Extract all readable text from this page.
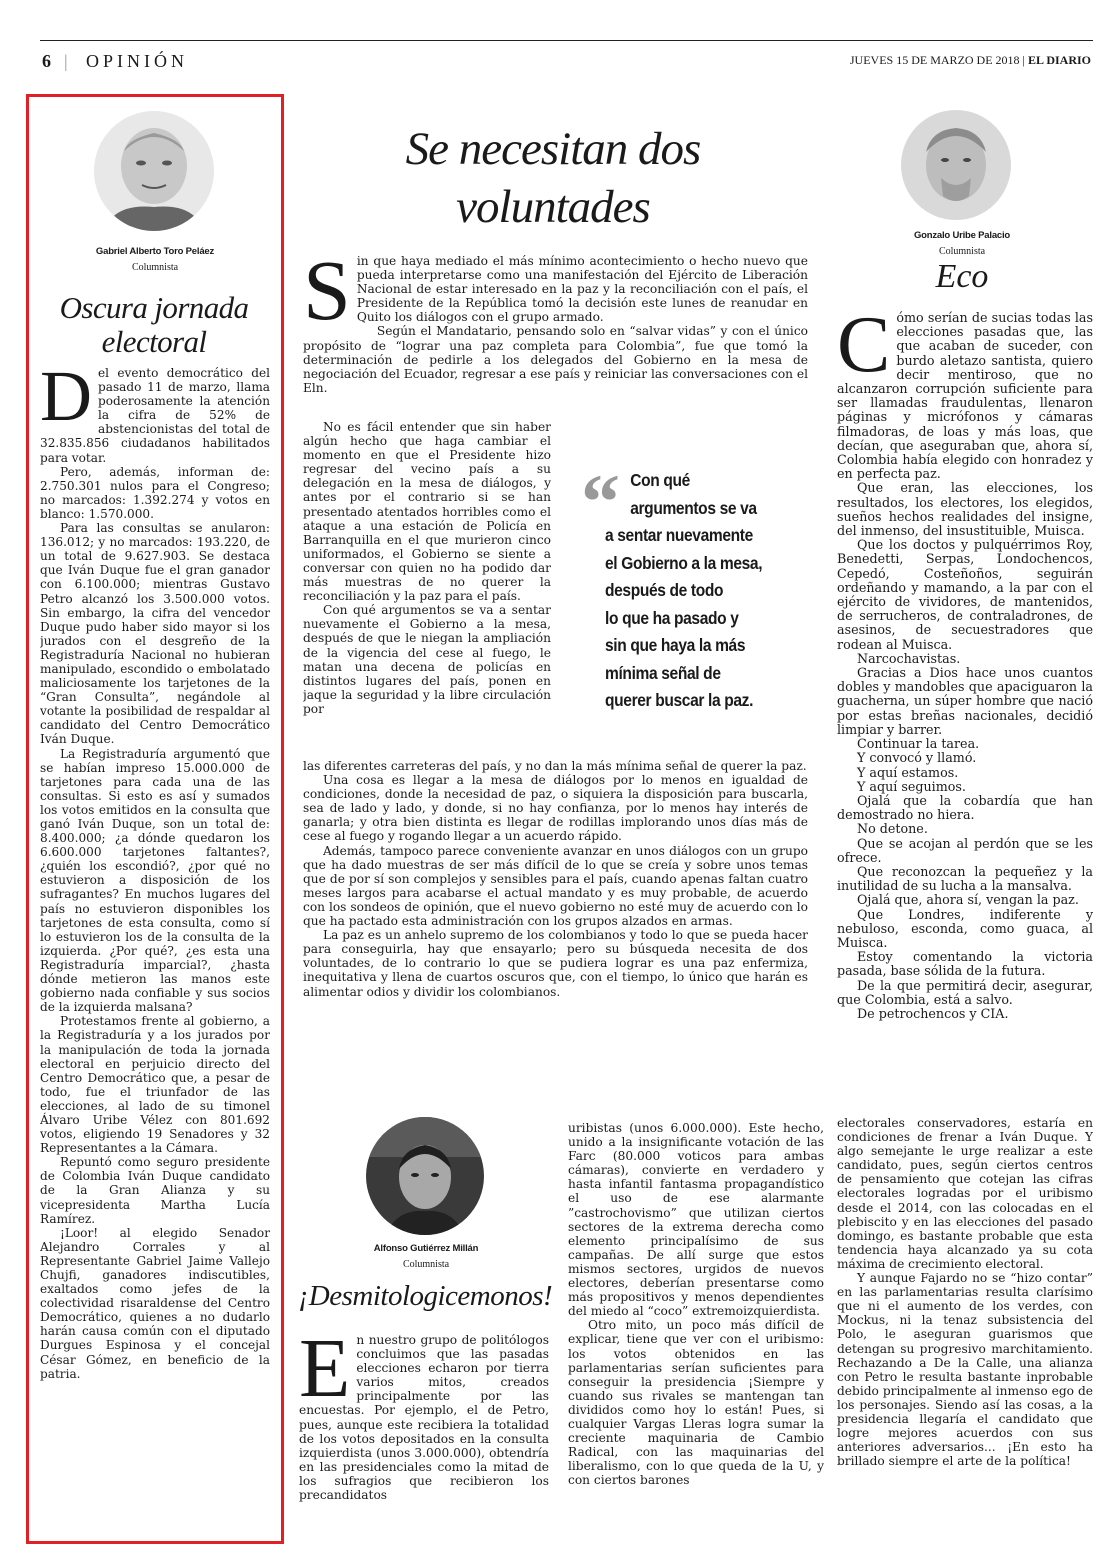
6 | OPINIÓN	JUEVES 15 DE MARZO DE 2018 | EL DIARIO
Gabriel Alberto Toro Peláez
Columnista
Oscura jornada electoral

Del evento democrático del pasado 11 de marzo, llama poderosamente la atención la cifra de 52% de abstencionistas del total de 32.835.856 ciudadanos habilitados para votar.

Pero, además, informan de: 2.750.301 nulos para el Congreso; no marcados: 1.392.274 y votos en blanco: 1.570.000.

Para las consultas se anularon: 136.012; y no marcados: 193.220, de un total de 9.627.903. Se destaca que Iván Duque fue el gran ganador con 6.100.000; mientras Gustavo Petro alcanzó los 3.500.000 votos. Sin embargo, la cifra del vencedor Duque pudo haber sido mayor si los jurados con el desgreño de la Registraduría Nacional no hubieran manipulado, escondido o embolatado maliciosamente los tarjetones de la “Gran Consulta”, negándole al votante la posibilidad de respaldar al candidato del Centro Democrático Iván Duque.

La Registraduría argumentó que se habían impreso 15.000.000 de tarjetones para cada una de las consultas. Si esto es así y sumados los votos emitidos en la consulta que ganó Iván Duque, son un total de: 8.400.000; ¿a dónde quedaron los 6.600.000 tarjetones faltantes?, ¿quién los escondió?, ¿por qué no estuvieron a disposición de los sufragantes? En muchos lugares del país no estuvieron disponibles los tarjetones de esta consulta, como sí lo estuvieron los de la consulta de la izquierda. ¿Por qué?, ¿es esta una Registraduría imparcial?, ¿hasta dónde metieron las manos este gobierno nada confiable y sus socios de la izquierda malsana?

Protestamos frente al gobierno, a la Registraduría y a los jurados por la manipulación de toda la jornada electoral en perjuicio directo del Centro Democrático que, a pesar de todo, fue el triunfador de las elecciones, al lado de su timonel Álvaro Uribe Vélez con 801.692 votos, eligiendo 19 Senadores y 32 Representantes a la Cámara.

Repuntó como seguro presidente de Colombia Iván Duque candidato de la Gran Alianza y su vicepresidenta Martha Lucía Ramírez.

¡Loor! al elegido Senador Alejandro Corrales y al Representante Gabriel Jaime Vallejo Chujfi, ganadores indiscutibles, exaltados como jefes de la colectividad risaraldense del Centro Democrático, quienes a no dudarlo harán causa común con el diputado Durgues Espinosa y el concejal César Gómez, en beneficio de la patria.

Se necesitan dos voluntades

Sin que haya mediado el más mínimo acontecimiento o hecho nuevo que pueda interpretarse como una manifestación del Ejército de Liberación Nacional de estar interesado en la paz y la reconciliación con el país, el Presidente de la República tomó la decisión este lunes de reanudar en Quito los diálogos con el grupo armado.

Según el Mandatario, pensando solo en “salvar vidas” y con el único propósito de “lograr una paz completa para Colombia”, fue que tomó la determinación de pedirle a los delegados del Gobierno en la mesa de negociación del Ecuador, regresar a ese país y reiniciar las conversaciones con el Eln.

No es fácil entender que sin haber algún hecho que haga cambiar el momento en que el Presidente hizo regresar del vecino país a su delegación en la mesa de diálogos, y antes por el contrario si se han presentado atentados horribles como el ataque a una estación de Policía en Barranquilla en el que murieron cinco uniformados, el Gobierno se siente a conversar con quien no ha podido dar más muestras de no querer la reconciliación y la paz para el país.

Con qué argumentos se va a sentar nuevamente el Gobierno a la mesa, después de que le niegan la ampliación de la vigencia del cese al fuego, le matan una decena de policías en distintos lugares del país, ponen en jaque la seguridad y la libre circulación por

las diferentes carreteras del país, y no dan la más mínima señal de querer la paz.

Una cosa es llegar a la mesa de diálogos por lo menos en igualdad de condiciones, donde la necesidad de paz, o siquiera la disposición para buscarla, sea de lado y lado, y donde, si no hay confianza, por lo menos hay interés de ganarla; y otra bien distinta es llegar de rodillas implorando unos días más de cese al fuego y rogando llegar a un acuerdo rápido.

Además, tampoco parece conveniente avanzar en unos diálogos con un grupo que ha dado muestras de ser más difícil de lo que se creía y sobre unos temas que de por sí son complejos y sensibles para el país, cuando apenas faltan cuatro meses largos para acabarse el actual mandato y es muy probable, de acuerdo con los sondeos de opinión, que el nuevo gobierno no esté muy de acuerdo con lo que ha pactado esta administración con los grupos alzados en armas.

La paz es un anhelo supremo de los colombianos y todo lo que se pueda hacer para conseguirla, hay que ensayarlo; pero su búsqueda necesita de dos voluntades, de lo contrario lo que se pudiera lograr es una paz enfermiza, inequitativa y llena de cuartos oscuros que, con el tiempo, lo único que harán es alimentar odios y dividir los colombianos.

“ Con qué
argumentos se va
a sentar nuevamente
el Gobierno a la mesa,
después de todo
lo que ha pasado y
sin que haya la más
mínima señal de
querer buscar la paz.
Gonzalo Uribe Palacio
Columnista
Eco

Cómo serían de sucias todas las elecciones pasadas que, las que acaban de suceder, con burdo aletazo santista, quiero decir mentiroso, que no alcanzaron corrupción suficiente para ser llamadas fraudulentas, llenaron páginas y micrófonos y cámaras filmadoras, de loas y más loas, que decían, que aseguraban que, ahora sí, Colombia había elegido con honradez y en perfecta paz.

Que eran, las elecciones, los resultados, los electores, los elegidos, sueños hechos realidades del insigne, del inmenso, del insustituible, Muisca.

Que los doctos y pulquérrimos Roy, Benedetti, Serpas, Londochencos, Cepedó, Costeñoños, seguirán ordeñando y mamando, a la par con el ejército de vividores, de mantenidos, de serrucheros, de contraladrones, de asesinos, de secuestradores que rodean al Muisca.

Narcochavistas.

Gracias a Dios hace unos cuantos dobles y mandobles que apaciguaron la guacherna, un súper hombre que nació por estas breñas nacionales, decidió limpiar y barrer.

Continuar la tarea.

Y convocó y llamó.

Y aquí estamos.

Y aquí seguimos.

Ojalá que la cobardía que han demostrado no hiera.

No detone.

Que se acojan al perdón que se les ofrece.

Que reconozcan la pequeñez y la inutilidad de su lucha a la mansalva.

Ojalá que, ahora sí, vengan la paz.

Que Londres, indiferente y nebuloso, esconda, como guaca, al Muisca.

Estoy comentando la victoria pasada, base sólida de la futura.

De la que permitirá decir, asegurar, que Colombia, está a salvo.

De petrochencos y CIA.

Alfonso Gutiérrez Millán
Columnista
¡Desmitologicemonos!

En nuestro grupo de politólogos concluimos que las pasadas elecciones echaron por tierra varios mitos, creados principalmente por las encuestas. Por ejemplo, el de Petro, pues, aunque este recibiera la totalidad de los votos depositados en la consulta izquierdista (unos 3.000.000), obtendría en las presidenciales como la mitad de los sufragios que recibieron los precandidatos

uribistas (unos 6.000.000). Este hecho, unido a la insignificante votación de las Farc (80.000 voticos para ambas cámaras), convierte en verdadero y hasta infantil fantasma propagandístico el uso de ese alarmante ”castrochovismo” que utilizan ciertos sectores de la extrema derecha como elemento principalísimo de sus campañas. De allí surge que estos mismos sectores, urgidos de nuevos electores, deberían presentarse como más propositivos y menos dependientes del miedo al “coco” extremoizquierdista.

Otro mito, un poco más difícil de explicar, tiene que ver con el uribismo: los votos obtenidos en las parlamentarias serían suficientes para conseguir la presidencia ¡Siempre y cuando sus rivales se mantengan tan divididos como hoy lo están! Pues, si cualquier Vargas Lleras logra sumar la creciente maquinaria de Cambio Radical, con las maquinarias del liberalismo, con lo que queda de la U, y con ciertos barones

electorales conservadores, estaría en condiciones de frenar a Iván Duque. Y algo semejante le urge realizar a este candidato, pues, según ciertos centros de pensamiento que cotejan las cifras electorales logradas por el uribismo desde el 2014, con las colocadas en el plebiscito y en las elecciones del pasado domingo, es bastante probable que esta tendencia haya alcanzado ya su cota máxima de crecimiento electoral.

Y aunque Fajardo no se “hizo contar” en las parlamentarias resulta clarísimo que ni el aumento de los verdes, con Mockus, ni la tenaz subsistencia del Polo, le aseguran guarismos que detengan su progresivo marchitamiento. Rechazando a De la Calle, una alianza con Petro le resulta bastante inprobable debido principalmente al inmenso ego de los personajes. Siendo así las cosas, a la presidencia llegaría el candidato que logre mejores acuerdos con sus anteriores adversarios... ¡En esto ha brillado siempre el arte de la política!
